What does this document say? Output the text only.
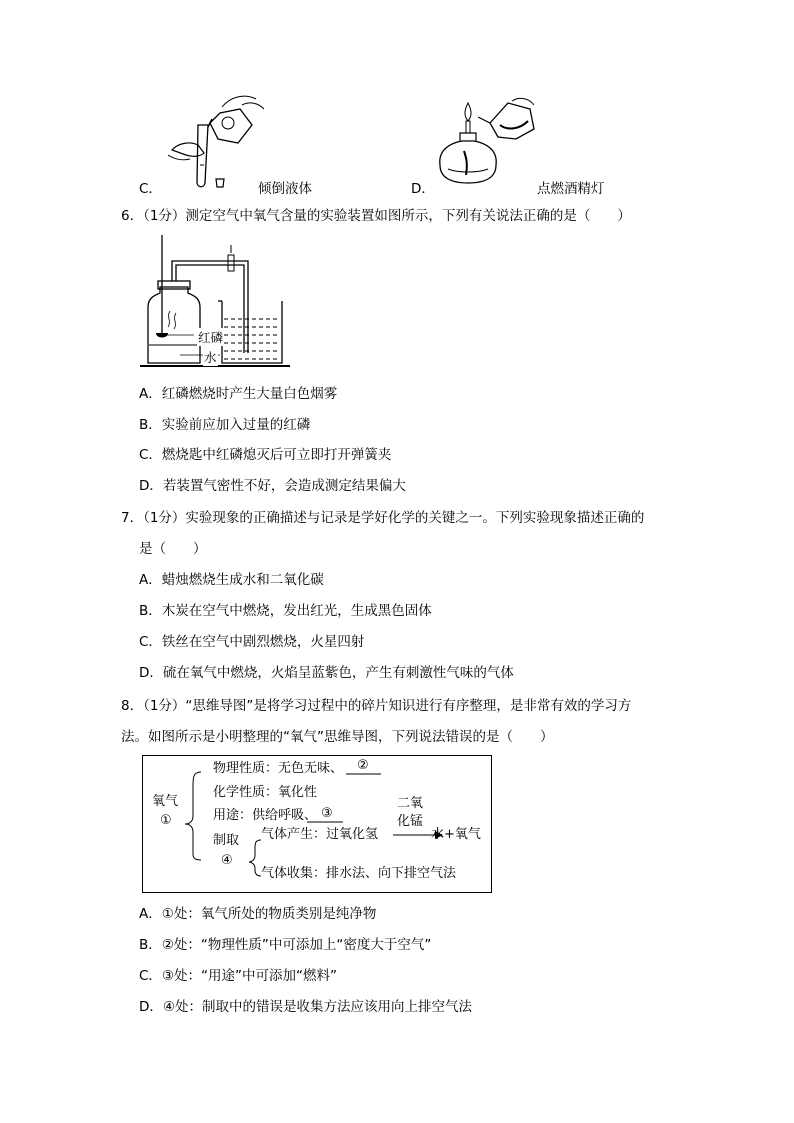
C．	倾倒液体	D．	点燃酒精灯
6．（1分）测定空气中氧气含量的实验装置如图所示，下列有关说法正确的是（　　）
红磷
水
A．红磷燃烧时产生大量白色烟雾
B．实验前应加入过量的红磷
C．燃烧匙中红磷熄灭后可立即打开弹簧夹
D．若装置气密性不好，会造成测定结果偏大
7．（1分）实验现象的正确描述与记录是学好化学的关键之一。下列实验现象描述正确的
是（　　）
A．蜡烛燃烧生成水和二氧化碳
B．木炭在空气中燃烧，发出红光，生成黑色固体
C．铁丝在空气中剧烈燃烧，火星四射
D．硫在氧气中燃烧，火焰呈蓝紫色，产生有刺激性气味的气体
8．（1分）“思维导图”是将学习过程中的碎片知识进行有序整理，是非常有效的学习方
法。如图所示是小明整理的“氧气”思维导图，下列说法错误的是（　　）
氧气
①
物理性质：无色无味、 ②
化学性质：氧化性
用途：供给呼吸、 ③
制取
④
气体产生：过氧化氢
二氧
化锰
水+氧气
气体收集：排水法、向下排空气法
A．①处：氧气所处的物质类别是纯净物
B．②处：“物理性质”中可添加上“密度大于空气”
C．③处：“用途”中可添加“燃料”
D．④处：制取中的错误是收集方法应该用向上排空气法
